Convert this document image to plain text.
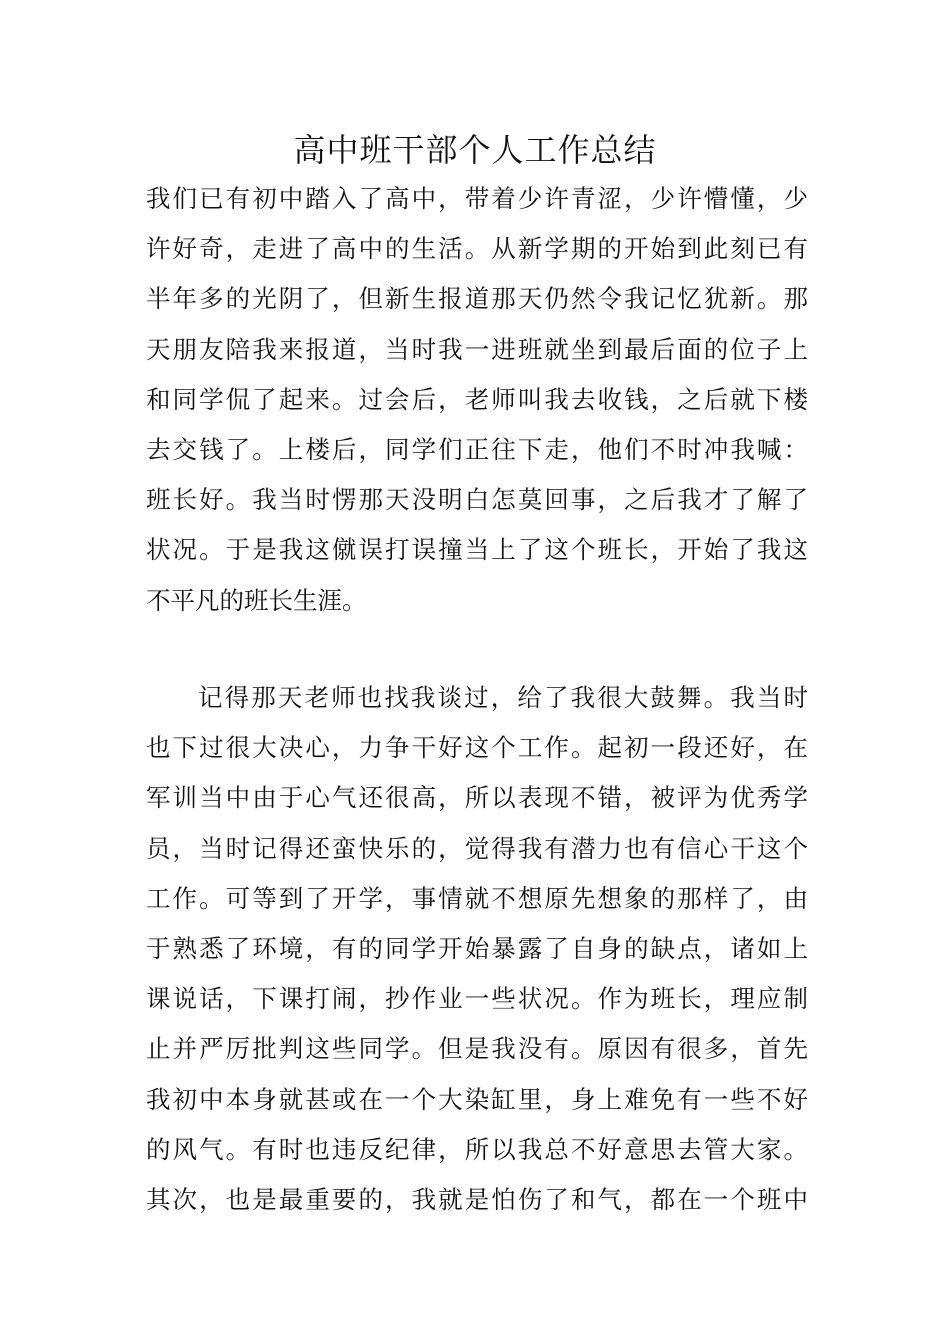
高中班干部个人工作总结
我们已有初中踏入了高中，带着少许青涩，少许懵懂，少
许好奇，走进了高中的生活。从新学期的开始到此刻已有
半年多的光阴了，但新生报道那天仍然令我记忆犹新。那
天朋友陪我来报道，当时我一进班就坐到最后面的位子上
和同学侃了起来。过会后，老师叫我去收钱，之后就下楼
去交钱了。上楼后，同学们正往下走，他们不时冲我喊：
班长好。我当时愣那天没明白怎莫回事，之后我才了解了
状况。于是我这僦误打误撞当上了这个班长，开始了我这
不平凡的班长生涯。
记得那天老师也找我谈过，给了我很大鼓舞。我当时
也下过很大决心，力争干好这个工作。起初一段还好，在
军训当中由于心气还很高，所以表现不错，被评为优秀学
员，当时记得还蛮快乐的，觉得我有潜力也有信心干这个
工作。可等到了开学，事情就不想原先想象的那样了，由
于熟悉了环境，有的同学开始暴露了自身的缺点，诸如上
课说话，下课打闹，抄作业一些状况。作为班长，理应制
止并严厉批判这些同学。但是我没有。原因有很多，首先
我初中本身就甚或在一个大染缸里，身上难免有一些不好
的风气。有时也违反纪律，所以我总不好意思去管大家。
其次，也是最重要的，我就是怕伤了和气，都在一个班中
